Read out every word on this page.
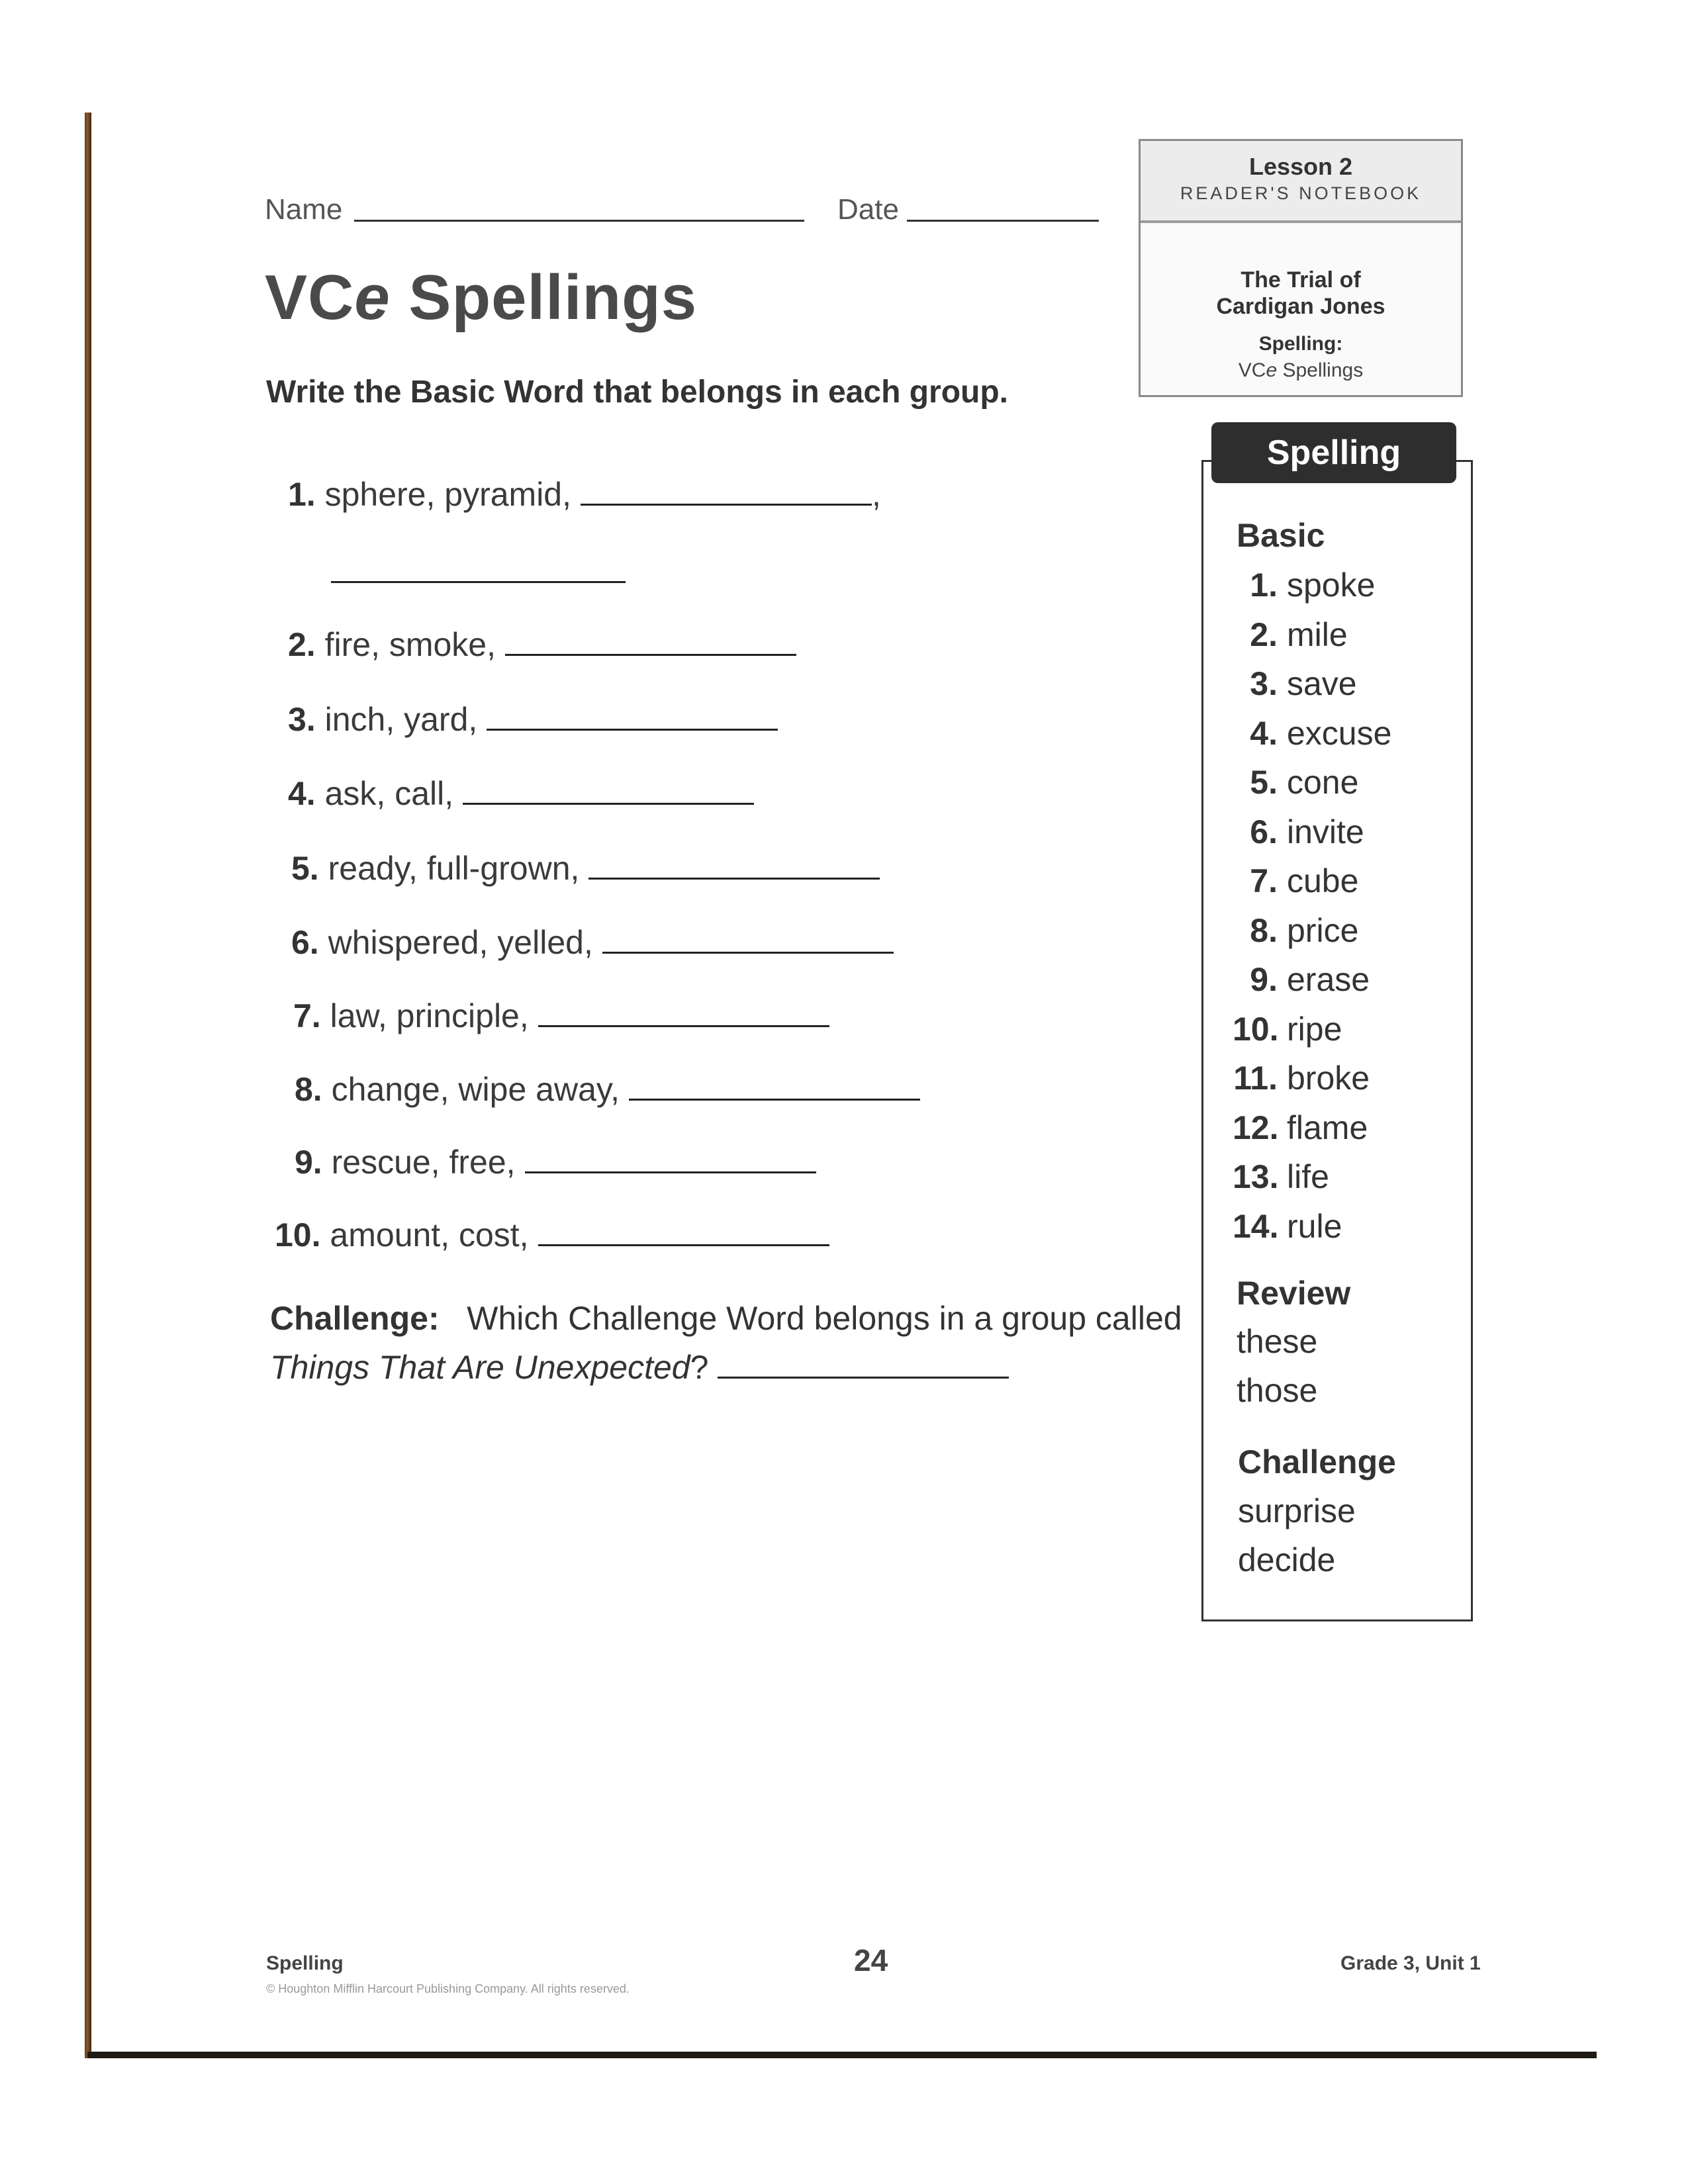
Name	Date
Lesson 2
READER'S NOTEBOOK
The Trial of
Cardigan Jones
Spelling:
VCe Spellings
VCe Spellings
Write the Basic Word that belongs in each group.
1. sphere, pyramid,	,
2. fire, smoke,
3. inch, yard,
4. ask, call,
5. ready, full-grown,
6. whispered, yelled,
7. law, principle,
8. change, wipe away,
9. rescue, free,
10. amount, cost,
Challenge: Which Challenge Word belongs in a group called
Things That Are Unexpected?
Spelling Words
Basic
1. spoke
2. mile
3. save
4. excuse
5. cone
6. invite
7. cube
8. price
9. erase
10. ripe
11. broke
12. flame
13. life
14. rule
Review
these
those
Challenge
surprise
decide
Spelling
© Houghton Mifflin Harcourt Publishing Company. All rights reserved.
24	Grade 3, Unit 1
